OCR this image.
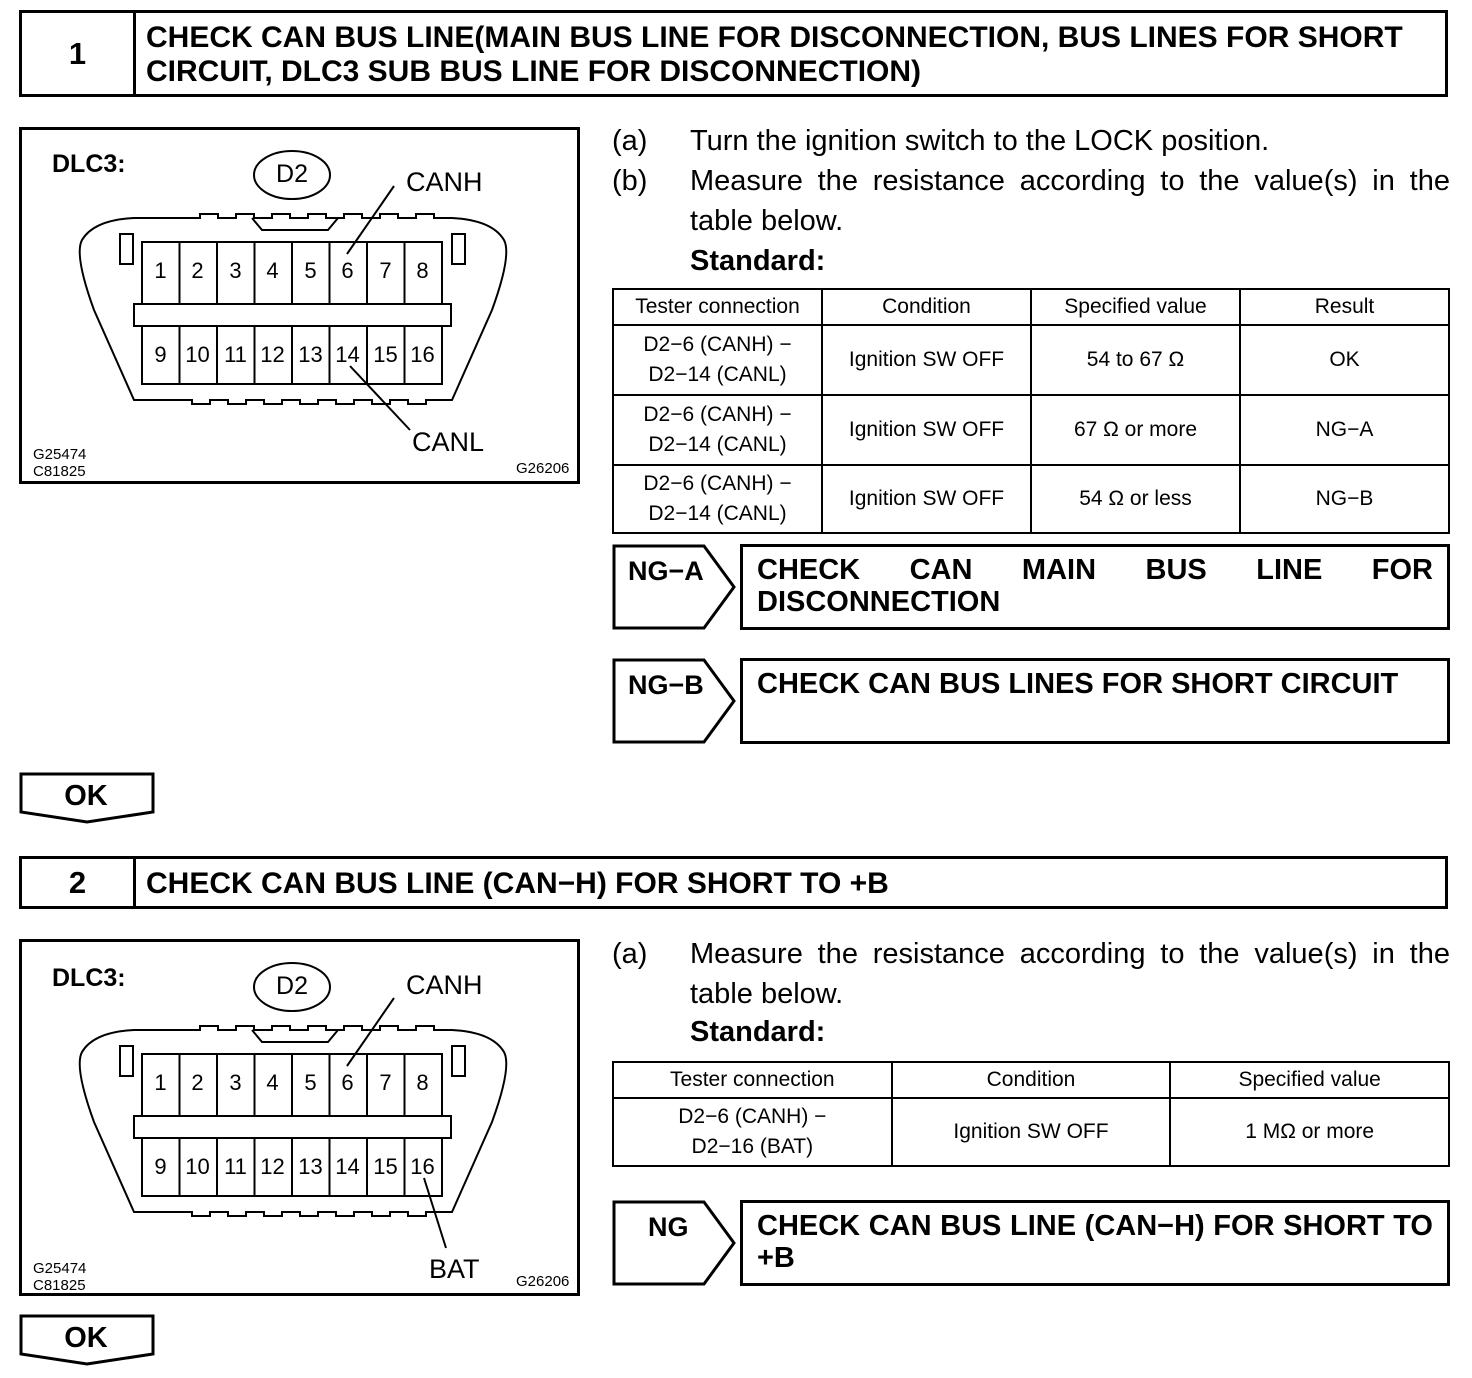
1	CHECK CAN BUS LINE(MAIN BUS LINE FOR DISCONNECTION, BUS LINES FOR SHORT CIRCUIT, DLC3 SUB BUS LINE FOR DISCONNECTION)
DLC3:	D2	CANH
CANL
1	2	3	4	5	6	7	8
9 10 11 12 13 14 15 16
G25474
C81825	G26206
(a) Turn the ignition switch to the LOCK position.
(b) Measure the resistance according to the value(s) in the table below.
Standard:
Tester connection	Condition	Specified value	Result

D2−6 (CANH) −
D2−14 (CANL)	Ignition SW OFF	54 to 67 Ω	OK

D2−6 (CANH) −
D2−14 (CANL)	Ignition SW OFF	67 Ω or more	NG−A

D2−6 (CANH) −
D2−14 (CANL)	Ignition SW OFF	54 Ω or less	NG−B
NG−A CHECK CAN MAIN BUS LINE FOR DISCONNECTION
NG−B CHECK CAN BUS LINES FOR SHORT CIRCUIT
OK
2	CHECK CAN BUS LINE (CAN−H) FOR SHORT TO +B
DLC3:	D2	CANH
BAT
1	2	3	4	5	6	7	8
9 10 11 12 13 14 15 16
G25474
C81825	G26206
(a) Measure the resistance according to the value(s) in the table below.
Standard:
Tester connection	Condition	Specified value

D2−6 (CANH) −
D2−16 (BAT)	Ignition SW OFF	1 MΩ or more
NG CHECK CAN BUS LINE (CAN−H) FOR SHORT TO +B
OK
